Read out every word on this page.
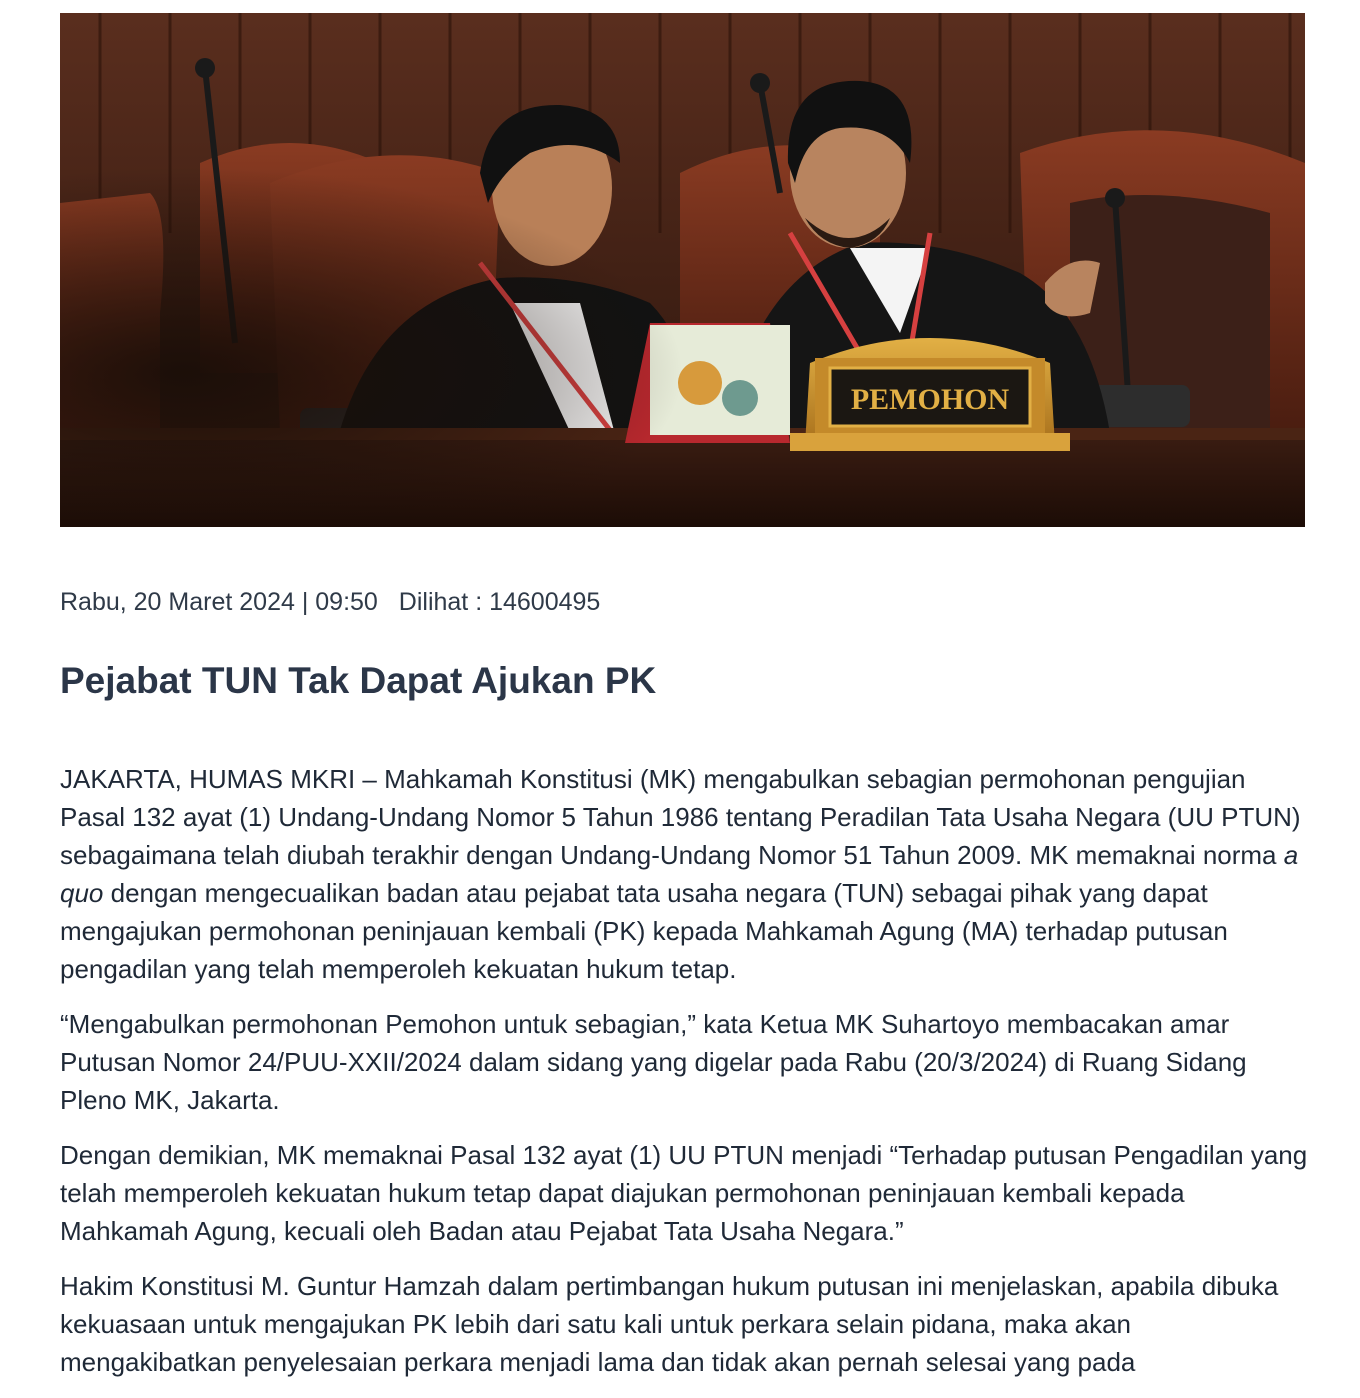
Rabu, 20 Maret 2024 | 09:50 Dilihat : 14600495
Pejabat TUN Tak Dapat Ajukan PK

JAKARTA, HUMAS MKRI – Mahkamah Konstitusi (MK) mengabulkan sebagian permohonan pengujian Pasal 132 ayat (1) Undang-Undang Nomor 5 Tahun 1986 tentang Peradilan Tata Usaha Negara (UU PTUN) sebagaimana telah diubah terakhir dengan Undang-Undang Nomor 51 Tahun 2009. MK memaknai norma a quo dengan mengecualikan badan atau pejabat tata usaha negara (TUN) sebagai pihak yang dapat mengajukan permohonan peninjauan kembali (PK) kepada Mahkamah Agung (MA) terhadap putusan pengadilan yang telah memperoleh kekuatan hukum tetap.

“Mengabulkan permohonan Pemohon untuk sebagian,” kata Ketua MK Suhartoyo membacakan amar Putusan Nomor 24/PUU-XXII/2024 dalam sidang yang digelar pada Rabu (20/3/2024) di Ruang Sidang Pleno MK, Jakarta.

Dengan demikian, MK memaknai Pasal 132 ayat (1) UU PTUN menjadi “Terhadap putusan Pengadilan yang telah memperoleh kekuatan hukum tetap dapat diajukan permohonan peninjauan kembali kepada Mahkamah Agung, kecuali oleh Badan atau Pejabat Tata Usaha Negara.”

Hakim Konstitusi M. Guntur Hamzah dalam pertimbangan hukum putusan ini menjelaskan, apabila dibuka kekuasaan untuk mengajukan PK lebih dari satu kali untuk perkara selain pidana, maka akan mengakibatkan penyelesaian perkara menjadi lama dan tidak akan pernah selesai yang pada
